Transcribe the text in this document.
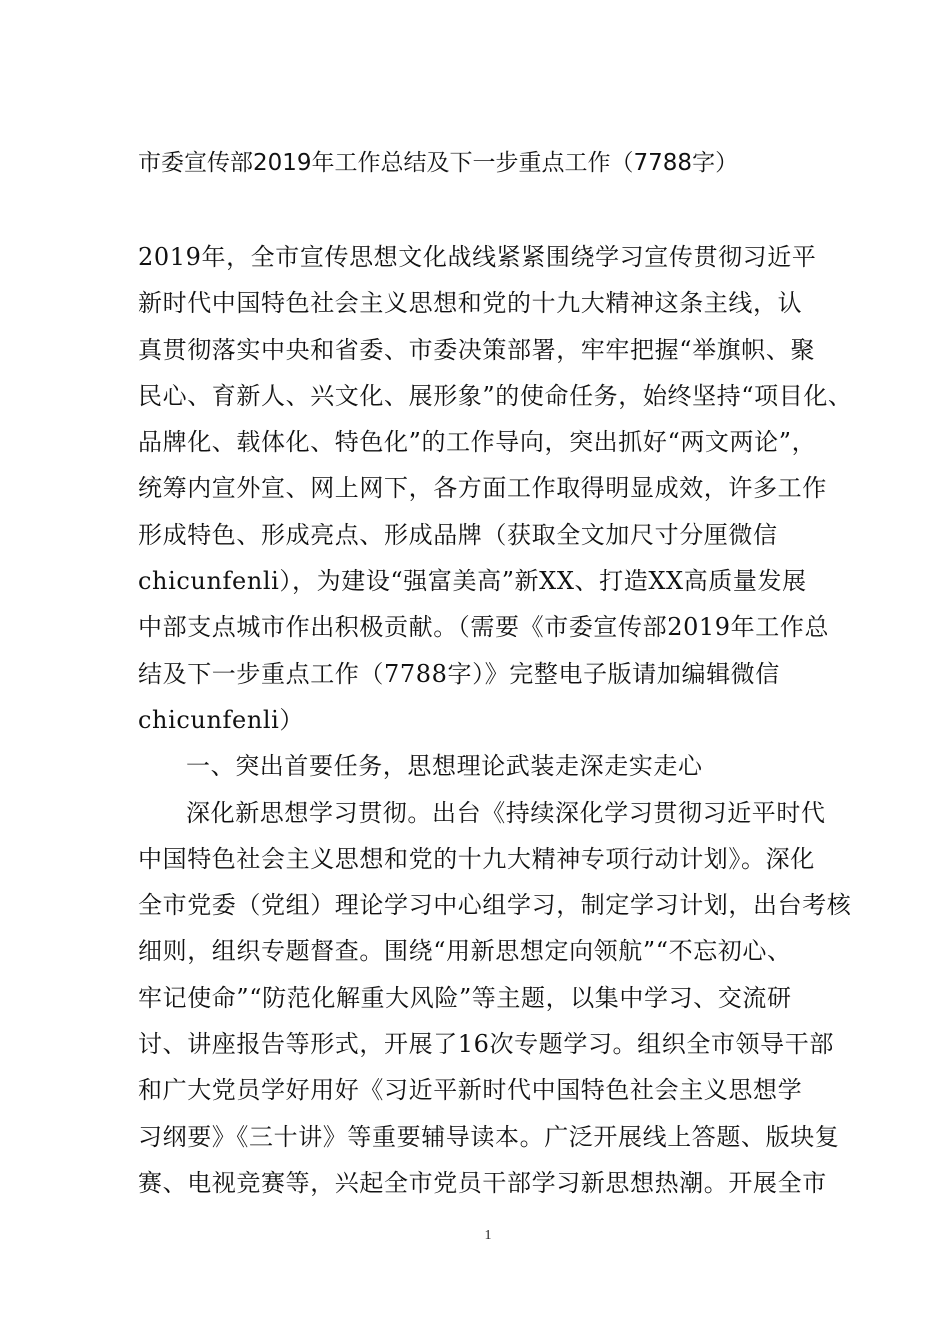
市委宣传部2019年工作总结及下一步重点工作（7788字）
2019年，全市宣传思想文化战线紧紧围绕学习宣传贯彻习近平
新时代中国特色社会主义思想和党的十九大精神这条主线，认
真贯彻落实中央和省委、市委决策部署，牢牢把握“举旗帜、聚
民心、育新人、兴文化、展形象”的使命任务，始终坚持“项目化、
品牌化、载体化、特色化”的工作导向，突出抓好“两文两论”，
统筹内宣外宣、网上网下，各方面工作取得明显成效，许多工作
形成特色、形成亮点、形成品牌（获取全文加尺寸分厘微信
chicunfenli），为建设“强富美高”新XX、打造XX高质量发展
中部支点城市作出积极贡献。（需要《市委宣传部2019年工作总
结及下一步重点工作（7788字）》完整电子版请加编辑微信
chicunfenli）
一、突出首要任务，思想理论武装走深走实走心
深化新思想学习贯彻。出台《持续深化学习贯彻习近平时代
中国特色社会主义思想和党的十九大精神专项行动计划》。深化
全市党委（党组）理论学习中心组学习，制定学习计划，出台考核
细则，组织专题督查。围绕“用新思想定向领航”“不忘初心、
牢记使命”“防范化解重大风险”等主题，以集中学习、交流研
讨、讲座报告等形式，开展了16次专题学习。组织全市领导干部
和广大党员学好用好《习近平新时代中国特色社会主义思想学
习纲要》《三十讲》等重要辅导读本。广泛开展线上答题、版块复
赛、电视竞赛等，兴起全市党员干部学习新思想热潮。开展全市
1
